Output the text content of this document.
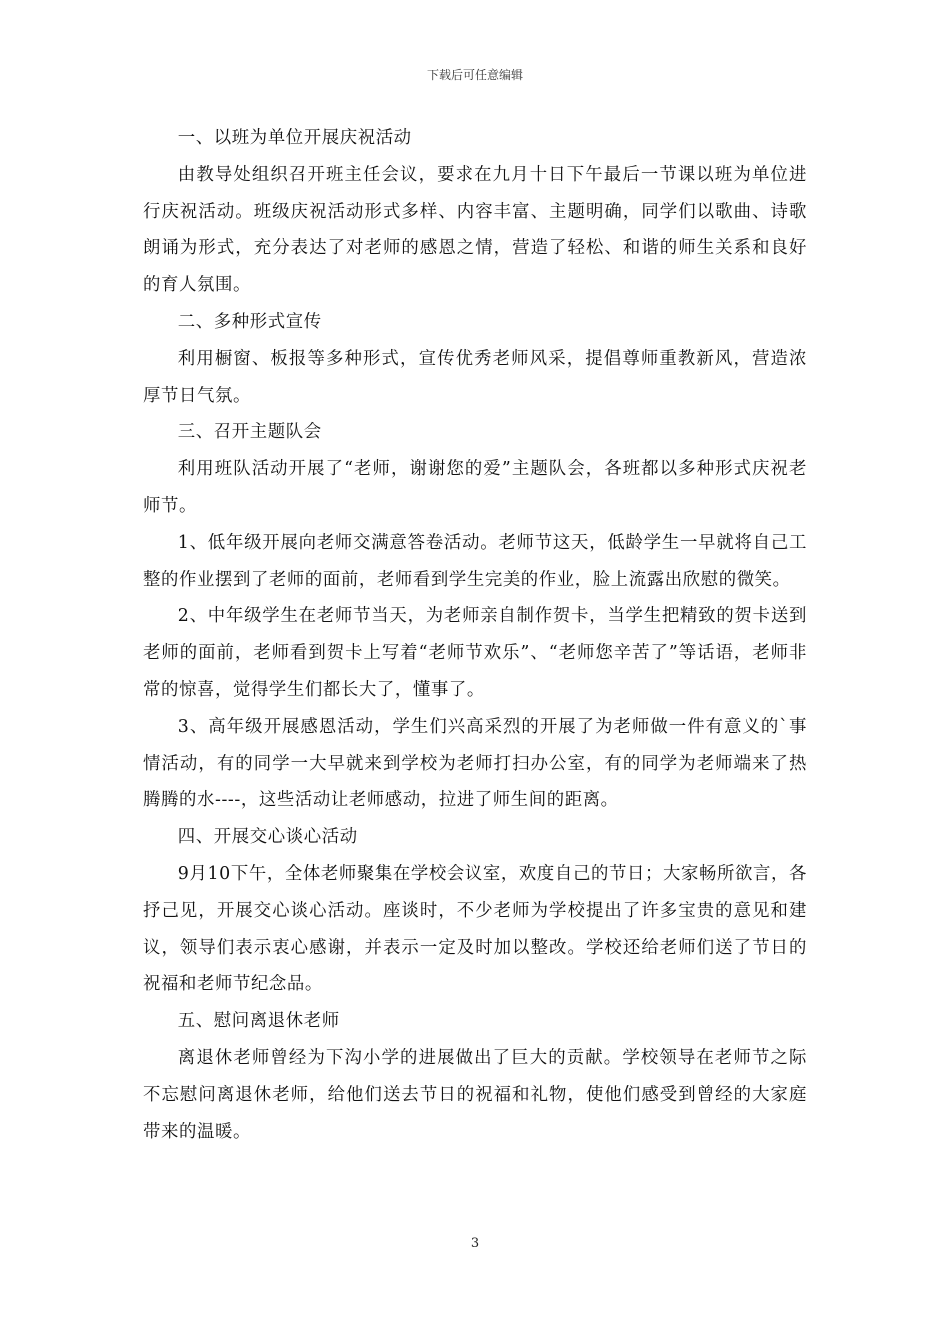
下载后可任意编辑

一、以班为单位开展庆祝活动

由教导处组织召开班主任会议，要求在九月十日下午最后一节课以班为单位进行庆祝活动。班级庆祝活动形式多样、内容丰富、主题明确，同学们以歌曲、诗歌朗诵为形式，充分表达了对老师的感恩之情，营造了轻松、和谐的师生关系和良好的育人氛围。

二、多种形式宣传

利用橱窗、板报等多种形式，宣传优秀老师风采，提倡尊师重教新风，营造浓厚节日气氛。

三、召开主题队会

利用班队活动开展了“老师，谢谢您的爱”主题队会，各班都以多种形式庆祝老师节。

1、低年级开展向老师交满意答卷活动。老师节这天，低龄学生一早就将自己工整的作业摆到了老师的面前，老师看到学生完美的作业，脸上流露出欣慰的微笑。

2、中年级学生在老师节当天，为老师亲自制作贺卡，当学生把精致的贺卡送到老师的面前，老师看到贺卡上写着“老师节欢乐”、“老师您辛苦了”等话语，老师非常的惊喜，觉得学生们都长大了，懂事了。

3、高年级开展感恩活动，学生们兴高采烈的开展了为老师做一件有意义的`事情活动，有的同学一大早就来到学校为老师打扫办公室，有的同学为老师端来了热腾腾的水----，这些活动让老师感动，拉进了师生间的距离。

四、开展交心谈心活动

9月10下午，全体老师聚集在学校会议室，欢度自己的节日；大家畅所欲言，各抒己见，开展交心谈心活动。座谈时，不少老师为学校提出了许多宝贵的意见和建议，领导们表示衷心感谢，并表示一定及时加以整改。学校还给老师们送了节日的祝福和老师节纪念品。

五、慰问离退休老师

离退休老师曾经为下沟小学的进展做出了巨大的贡献。学校领导在老师节之际不忘慰问离退休老师，给他们送去节日的祝福和礼物，使他们感受到曾经的大家庭带来的温暖。

3
